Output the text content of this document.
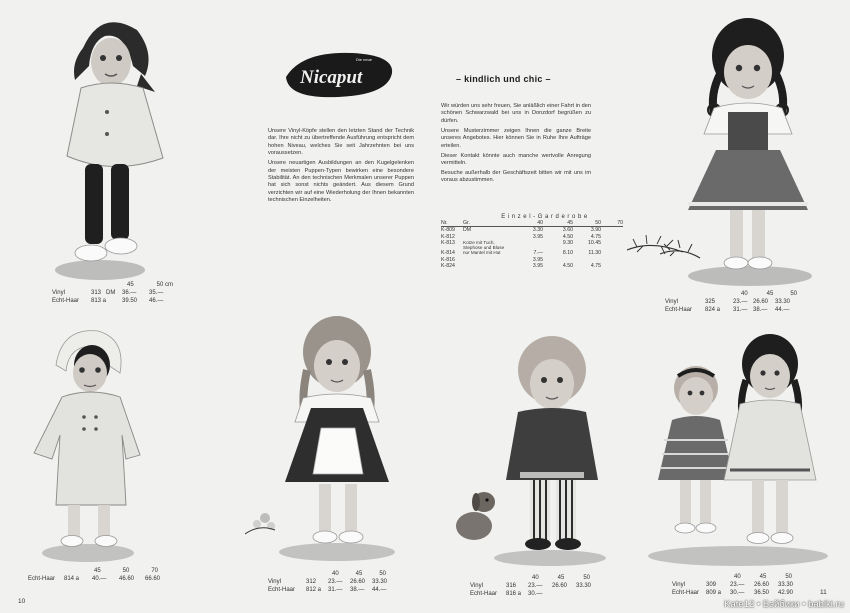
Die neue
Nicaput	– kindlich und chic –

Unsere Vinyl-Köpfe stellen den letzten Stand der Technik dar. Ihre nicht zu übertreffende Ausführung entspricht dem hohen Niveau, welches Sie seit Jahrzehnten bei uns voraussetzen.

Unsere neuartigen Ausbildungen an den Kugelgelenken der meisten Puppen-Typen bewirken eine besondere Stabilität. An den technischen Merkmalen unserer Puppen hat sich sonst nichts geändert. Aus diesem Grund verzichten wir auf eine Wiederholung der Ihnen bekannten technischen Einzelheiten.

Wir würden uns sehr freuen, Sie anläßlich einer Fahrt in den schönen Schwarzwald bei uns in Donzdorf begrüßen zu dürfen.

Unsere Musterzimmer zeigen Ihnen die ganze Breite unseres Angebotes. Hier können Sie in Ruhe Ihre Aufträge erteilen.

Dieser Kontakt könnte auch manche wertvolle Anregung vermitteln.

Besuche außerhalb der Geschäftszeit bitten wir mit uns im voraus abzustimmen.

Einzel-Garderobe
Nr.	Gr.	40	45	50	70
K-809	DM	3.30	3.60	3.90	
K-812		3.95	4.50	4.75	
K-813	Kotze mit Tuch, Stephose und Bluse		9.30	10.45	
K-814	nur Mantel mit Hut	7.—	8.10	11.30	
K-816		3.95			
K-824		3.95	4.50	4.75	
45	50 cm
Vinyl	313 DM	36.—	35.—
Echt-Haar	813 a	39.50	46.—
40	45	50
Vinyl	325	23.— 26.60	33.30
Echt-Haar	824 a	31.— 38.—	44.—
45	50	70
Echt-Haar	814 a	40.—	46.60	66.60
40	45	50
Vinyl	312	23.—	26.60	33.30
Echt-Haar	812 a	31.—	38.—	44.—
40	45	50
Vinyl	316	23.—	26.60	33.30
Echt-Haar	816 a	30.—
40	45	50
Vinyl	309	23.—	26.60	33.30
Echt-Haar	809 a	30.—	36.50	42.90
10
11
Kate12 • Бэйбики • babiki.ru
